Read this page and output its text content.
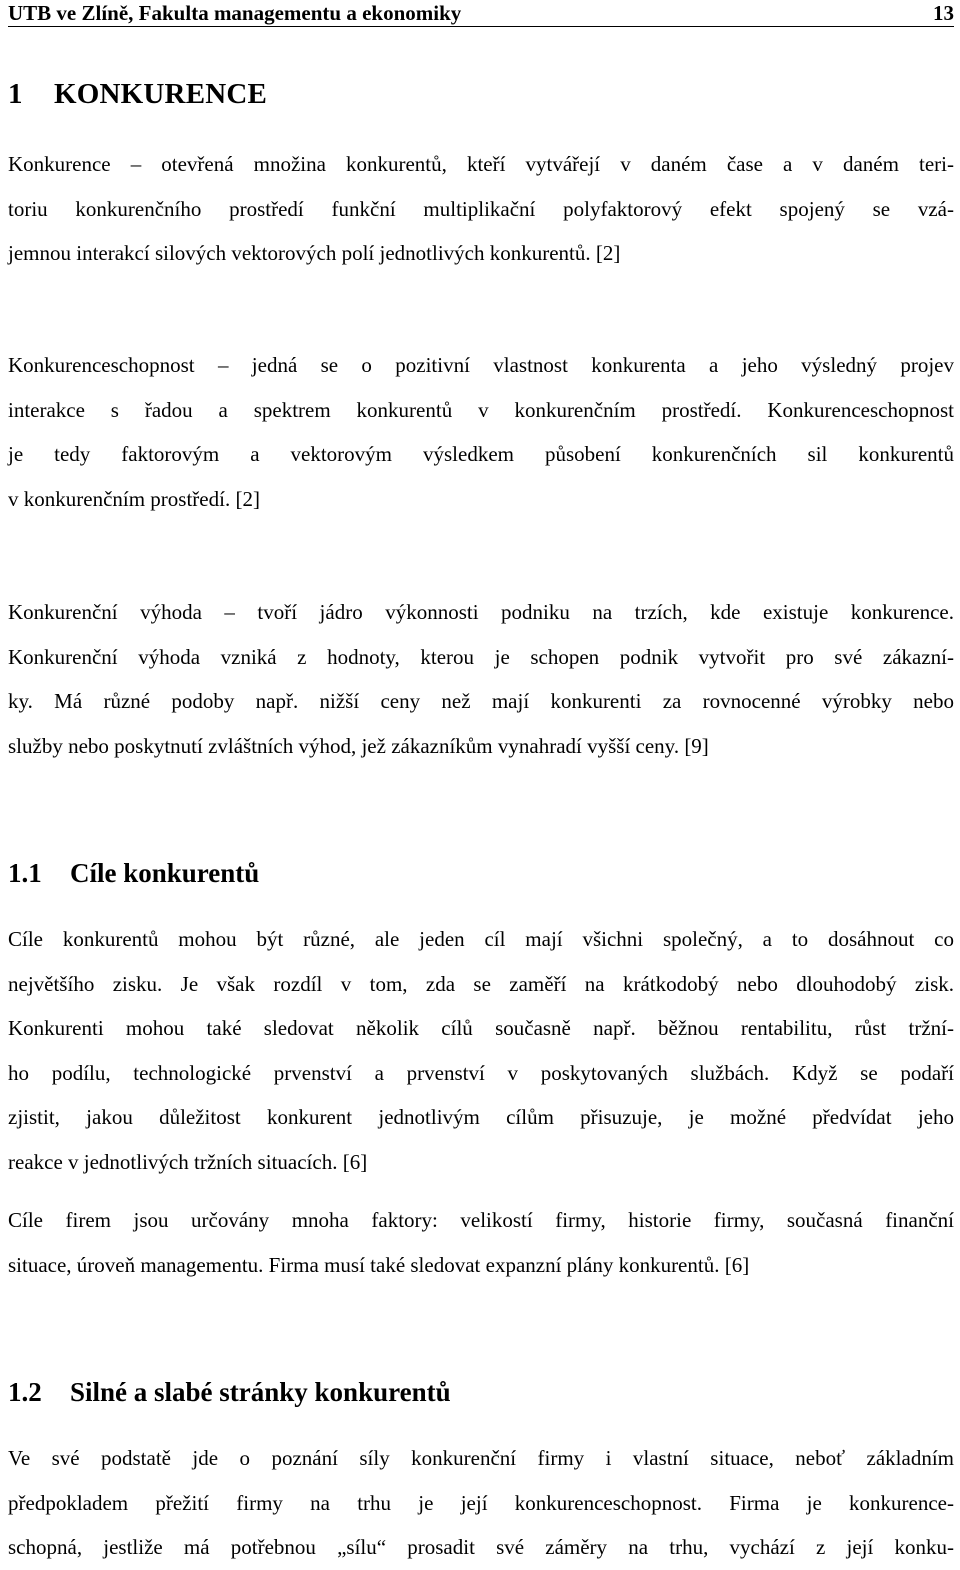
UTB ve Zlíně, Fakulta managementu a ekonomiky	13
1 KONKURENCE

Konkurence – otevřená množina konkurentů, kteří vytvářejí v daném čase a v daném teri-
toriu konkurenčního prostředí funkční multiplikační polyfaktorový efekt spojený se vzá-
jemnou interakcí silových vektorových polí jednotlivých konkurentů. [2]

Konkurenceschopnost – jedná se o pozitivní vlastnost konkurenta a jeho výsledný projev
interakce s řadou a spektrem konkurentů v konkurenčním prostředí. Konkurenceschopnost
je tedy faktorovým a vektorovým výsledkem působení konkurenčních sil konkurentů
v konkurenčním prostředí. [2]

Konkurenční výhoda – tvoří jádro výkonnosti podniku na trzích, kde existuje konkurence.
Konkurenční výhoda vzniká z hodnoty, kterou je schopen podnik vytvořit pro své zákazní-
ky. Má různé podoby např. nižší ceny než mají konkurenti za rovnocenné výrobky nebo
služby nebo poskytnutí zvláštních výhod, jež zákazníkům vynahradí vyšší ceny. [9]

1.1 Cíle konkurentů

Cíle konkurentů mohou být různé, ale jeden cíl mají všichni společný, a to dosáhnout co
největšího zisku. Je však rozdíl v tom, zda se zaměří na krátkodobý nebo dlouhodobý zisk.
Konkurenti mohou také sledovat několik cílů současně např. běžnou rentabilitu, růst tržní-
ho podílu, technologické prvenství a prvenství v poskytovaných službách. Když se podaří
zjistit, jakou důležitost konkurent jednotlivým cílům přisuzuje, je možné předvídat jeho
reakce v jednotlivých tržních situacích. [6]

Cíle firem jsou určovány mnoha faktory: velikostí firmy, historie firmy, současná finanční
situace, úroveň managementu. Firma musí také sledovat expanzní plány konkurentů. [6]

1.2 Silné a slabé stránky konkurentů

Ve své podstatě jde o poznání síly konkurenční firmy i vlastní situace, neboť základním
předpokladem přežití firmy na trhu je její konkurenceschopnost. Firma je konkurence-
schopná, jestliže má potřebnou „sílu“ prosadit své záměry na trhu, vychází z její konku-
